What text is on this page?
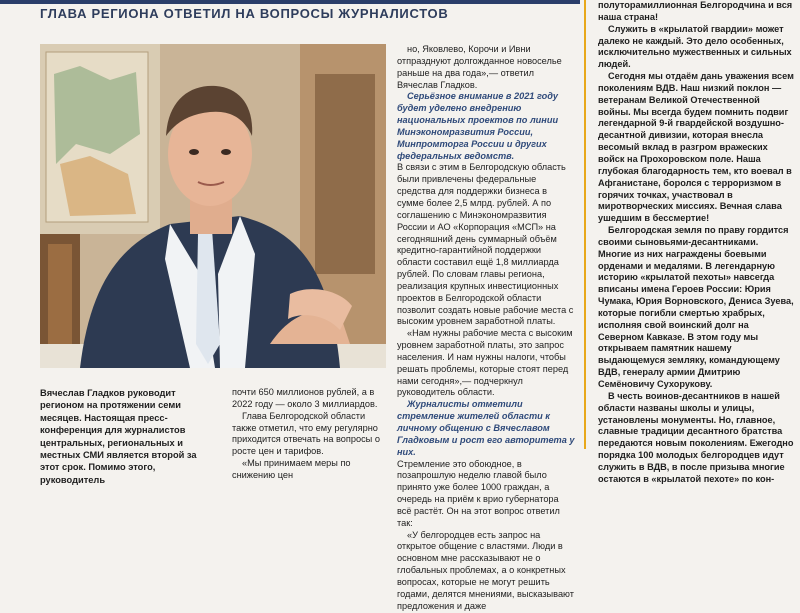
ГЛАВА РЕГИОНА ОТВЕТИЛ НА ВОПРОСЫ ЖУРНАЛИСТОВ
Вячеслав Гладков руководит регионом на протяжении семи месяцев. Настоящая пресс-конференция для журналистов центральных, региональных и местных СМИ является второй за этот срок. Помимо этого, руководитель

но, Яковлево, Корочи и Ивни отпразднуют долгожданное новоселье раньше на два года»,— ответил Вячеслав Гладков.

Серьёзное внимание в 2021 году будет уделено внедрению национальных проектов по линии Минэкономразвития России, Минпромторга России и других федеральных ведомств.

В связи с этим в Белгородскую область были привлечены федеральные средства для поддержки бизнеса в сумме более 2,5 млрд. рублей. А по соглашению с Минэкономразвития России и АО «Корпорация «МСП» на сегодняшний день суммарный объём кредитно-гарантийной поддержки области составил ещё 1,8 миллиарда рублей. По словам главы региона, реализация крупных инвестиционных проектов в Белгородской области позволит создать новые рабочие места с высоким уровнем заработной платы.

«Нам нужны рабочие места с высоким уровнем заработной платы, это запрос населения. И нам нужны налоги, чтобы решать проблемы, которые стоят перед нами сегодня»,— подчеркнул руководитель области.

Журналисты отметили стремление жителей области к личному общению с Вячеславом Гладковым и рост его авторитета у них.

Стремление это обоюдное, в позапрошлую неделю главой было принято уже более 1000 граждан, а очередь на приём к врио губернатора всё растёт. Он на этот вопрос ответил так:

«У белгородцев есть запрос на открытое общение с властями. Люди в основном мне рассказывают не о глобальных проблемах, а о конкретных вопросах, которые не могут решить годами, делятся мнениями, высказывают предложения и даже

почти 650 миллионов рублей, а в 2022 году — около 3 миллиардов.

Глава Белгородской области также отметил, что ему регулярно приходится отвечать на вопросы о росте цен и тарифов.

«Мы принимаем меры по снижению цен

полуторамиллионная Белгородчина и вся наша страна!

Служить в «крылатой гвардии» может далеко не каждый. Это дело особенных, исключительно мужественных и сильных людей.

Сегодня мы отдаём дань уважения всем поколениям ВДВ. Наш низкий поклон — ветеранам Великой Отечественной войны. Мы всегда будем помнить подвиг легендарной 9-й гвардейской воздушно-десантной дивизии, которая внесла весомый вклад в разгром вражеских войск на Прохоровском поле. Наша глубокая благодарность тем, кто воевал в Афганистане, боролся с терроризмом в горячих точках, участвовал в миротворческих миссиях. Вечная слава ушедшим в бессмертие!

Белгородская земля по праву гордится своими сыновьями-десантниками. Многие из них награждены боевыми орденами и медалями. В легендарную историю «крылатой пехоты» навсегда вписаны имена Героев России: Юрия Чумака, Юрия Ворновского, Дениса Зуева, которые погибли смертью храбрых, исполняя свой воинский долг на Северном Кавказе. В этом году мы открываем памятник нашему выдающемуся земляку, командующему ВДВ, генералу армии Дмитрию Семёновичу Сухорукову.

В честь воинов-десантников в нашей области названы школы и улицы, установлены монументы. Но, главное, славные традиции десантного братства передаются новым поколениям. Ежегодно порядка 100 молодых белгородцев идут служить в ВДВ, в после призыва многие остаются в «крылатой пехоте» по кон-
